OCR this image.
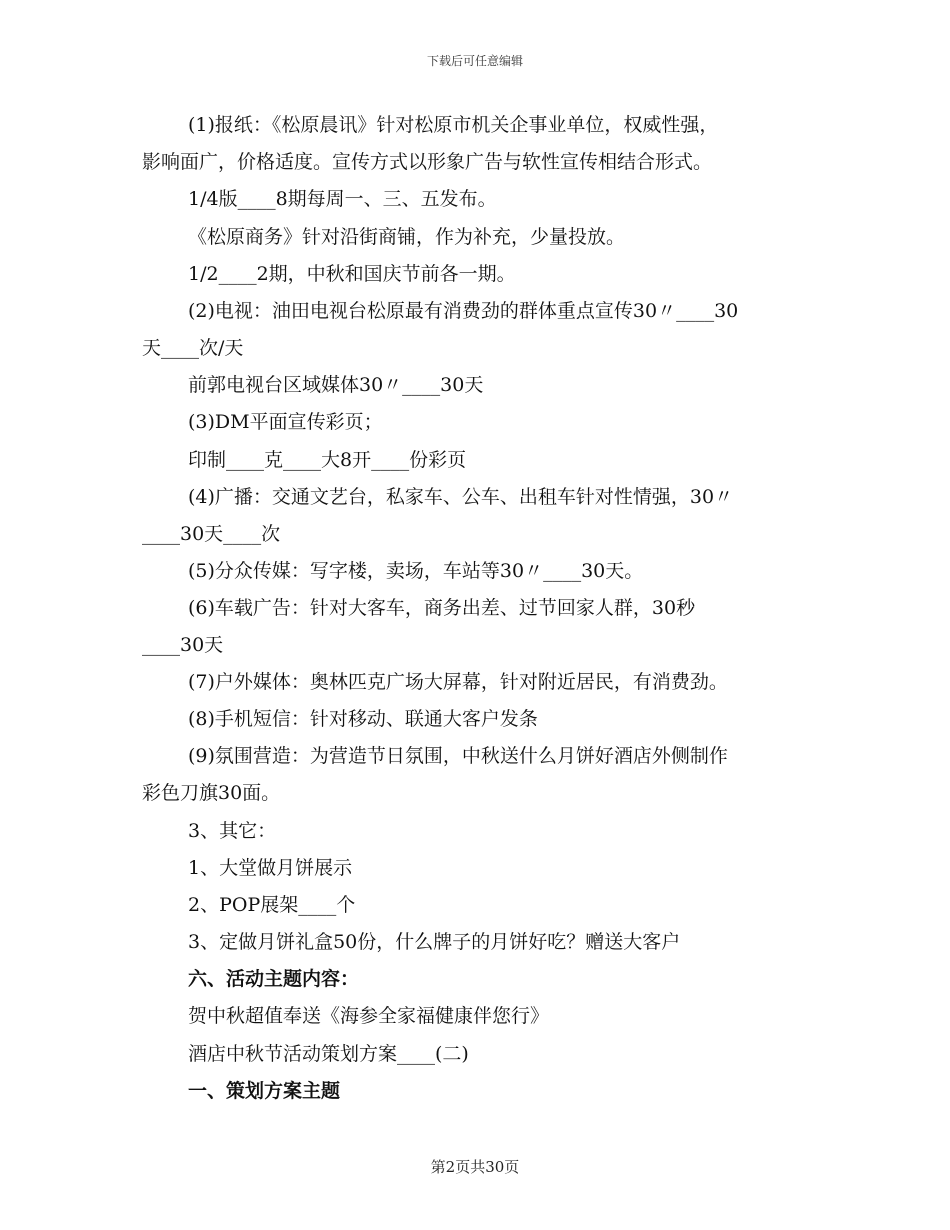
下载后可任意编辑
(1)报纸：《松原晨讯》针对松原市机关企事业单位，权威性强，
影响面广，价格适度。宣传方式以形象广告与软性宣传相结合形式。
1/4版____8期每周一、三、五发布。
《松原商务》针对沿街商铺，作为补充，少量投放。
1/2____2期，中秋和国庆节前各一期。
(2)电视：油田电视台松原最有消费劲的群体重点宣传30〃____30
天____次/天
前郭电视台区域媒体30〃____30天
(3)DM平面宣传彩页；
印制____克____大8开____份彩页
(4)广播：交通文艺台，私家车、公车、出租车针对性情强，30〃
____30天____次
(5)分众传媒：写字楼，卖场，车站等30〃____30天。
(6)车载广告：针对大客车，商务出差、过节回家人群，30秒
____30天
(7)户外媒体：奥林匹克广场大屏幕，针对附近居民，有消费劲。
(8)手机短信：针对移动、联通大客户发条
(9)氛围营造：为营造节日氛围，中秋送什么月饼好酒店外侧制作
彩色刀旗30面。
3、其它：
1、大堂做月饼展示
2、POP展架____个
3、定做月饼礼盒50份，什么牌子的月饼好吃？赠送大客户
六、活动主题内容：
贺中秋超值奉送《海参全家福健康伴您行》
酒店中秋节活动策划方案____(二)
一、策划方案主题
第2页共30页
